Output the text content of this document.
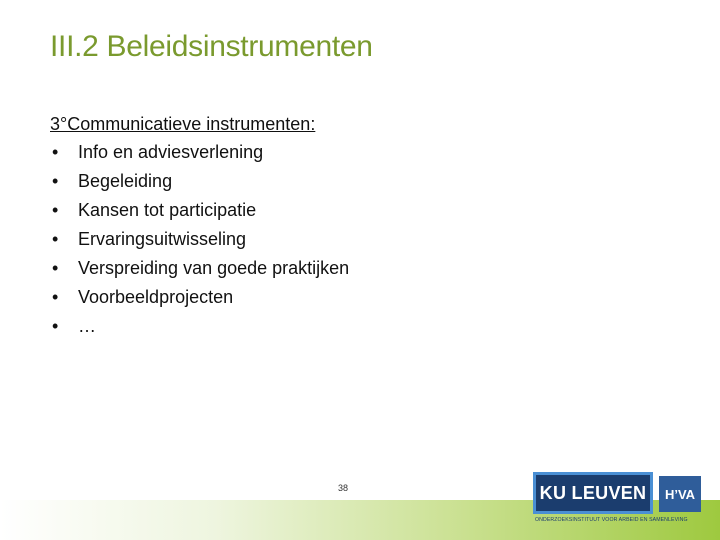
III.2 Beleidsinstrumenten

3°Communicatieve instrumenten:

• Info en adviesverlening
• Begeleiding
• Kansen tot participatie
• Ervaringsuitwisseling
• Verspreiding van goede praktijken
• Voorbeeldprojecten
• …
38	KU LEUVEN H’VA
ONDERZOEKSINSTITUUT VOOR ARBEID EN SAMENLEVING
